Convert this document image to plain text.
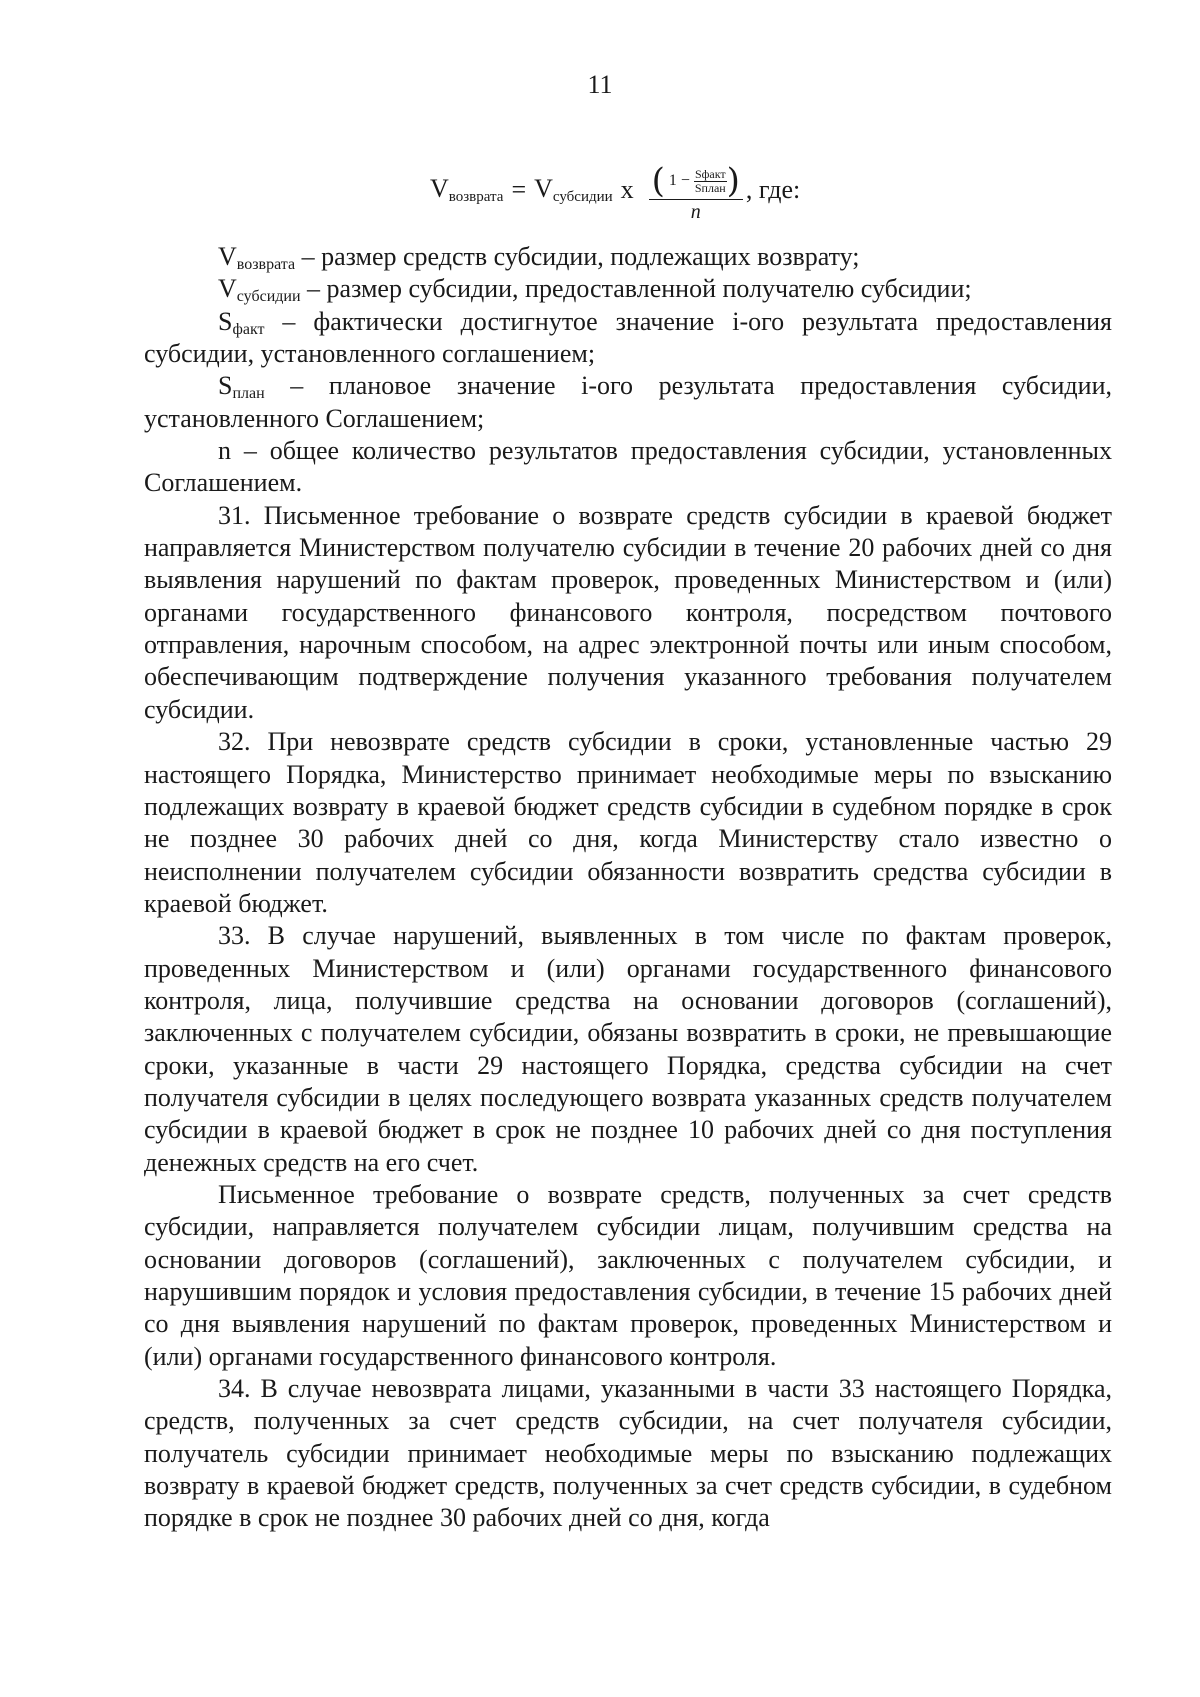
11
$V_{возврата} = V_{субсидии}$ х ( $1 - \frac{\text{Sфакт}}{\text{Sплан}}$ )
n
, где:

$V_{возврата}$ – размер средств субсидии, подлежащих возврату;

$V_{субсидии}$ – размер субсидии, предоставленной получателю субсидии;

$S_{факт}$ – фактически достигнутое значение i-ого результата предоставления субсидии, установленного соглашением;

$S_{план}$ – плановое значение i-ого результата предоставления субсидии, установленного Соглашением;

n – общее количество результатов предоставления субсидии, установленных Соглашением.

31. Письменное требование о возврате средств субсидии в краевой бюджет направляется Министерством получателю субсидии в течение 20 рабочих дней со дня выявления нарушений по фактам проверок, проведенных Министерством и (или) органами государственного финансового контроля, посредством почтового отправления, нарочным способом, на адрес электронной почты или иным способом, обеспечивающим подтверждение получения указанного требования получателем субсидии.

32. При невозврате средств субсидии в сроки, установленные частью 29 настоящего Порядка, Министерство принимает необходимые меры по взысканию подлежащих возврату в краевой бюджет средств субсидии в судебном порядке в срок не позднее 30 рабочих дней со дня, когда Министерству стало известно о неисполнении получателем субсидии обязанности возвратить средства субсидии в краевой бюджет.

33. В случае нарушений, выявленных в том числе по фактам проверок, проведенных Министерством и (или) органами государственного финансового контроля, лица, получившие средства на основании договоров (соглашений), заключенных с получателем субсидии, обязаны возвратить в сроки, не превышающие сроки, указанные в части 29 настоящего Порядка, средства субсидии на счет получателя субсидии в целях последующего возврата указанных средств получателем субсидии в краевой бюджет в срок не позднее 10 рабочих дней со дня поступления денежных средств на его счет.

Письменное требование о возврате средств, полученных за счет средств субсидии, направляется получателем субсидии лицам, получившим средства на основании договоров (соглашений), заключенных с получателем субсидии, и нарушившим порядок и условия предоставления субсидии, в течение 15 рабочих дней со дня выявления нарушений по фактам проверок, проведенных Министерством и (или) органами государственного финансового контроля.

34. В случае невозврата лицами, указанными в части 33 настоящего Порядка, средств, полученных за счет средств субсидии, на счет получателя субсидии, получатель субсидии принимает необходимые меры по взысканию подлежащих возврату в краевой бюджет средств, полученных за счет средств субсидии, в судебном порядке в срок не позднее 30 рабочих дней со дня, когда
